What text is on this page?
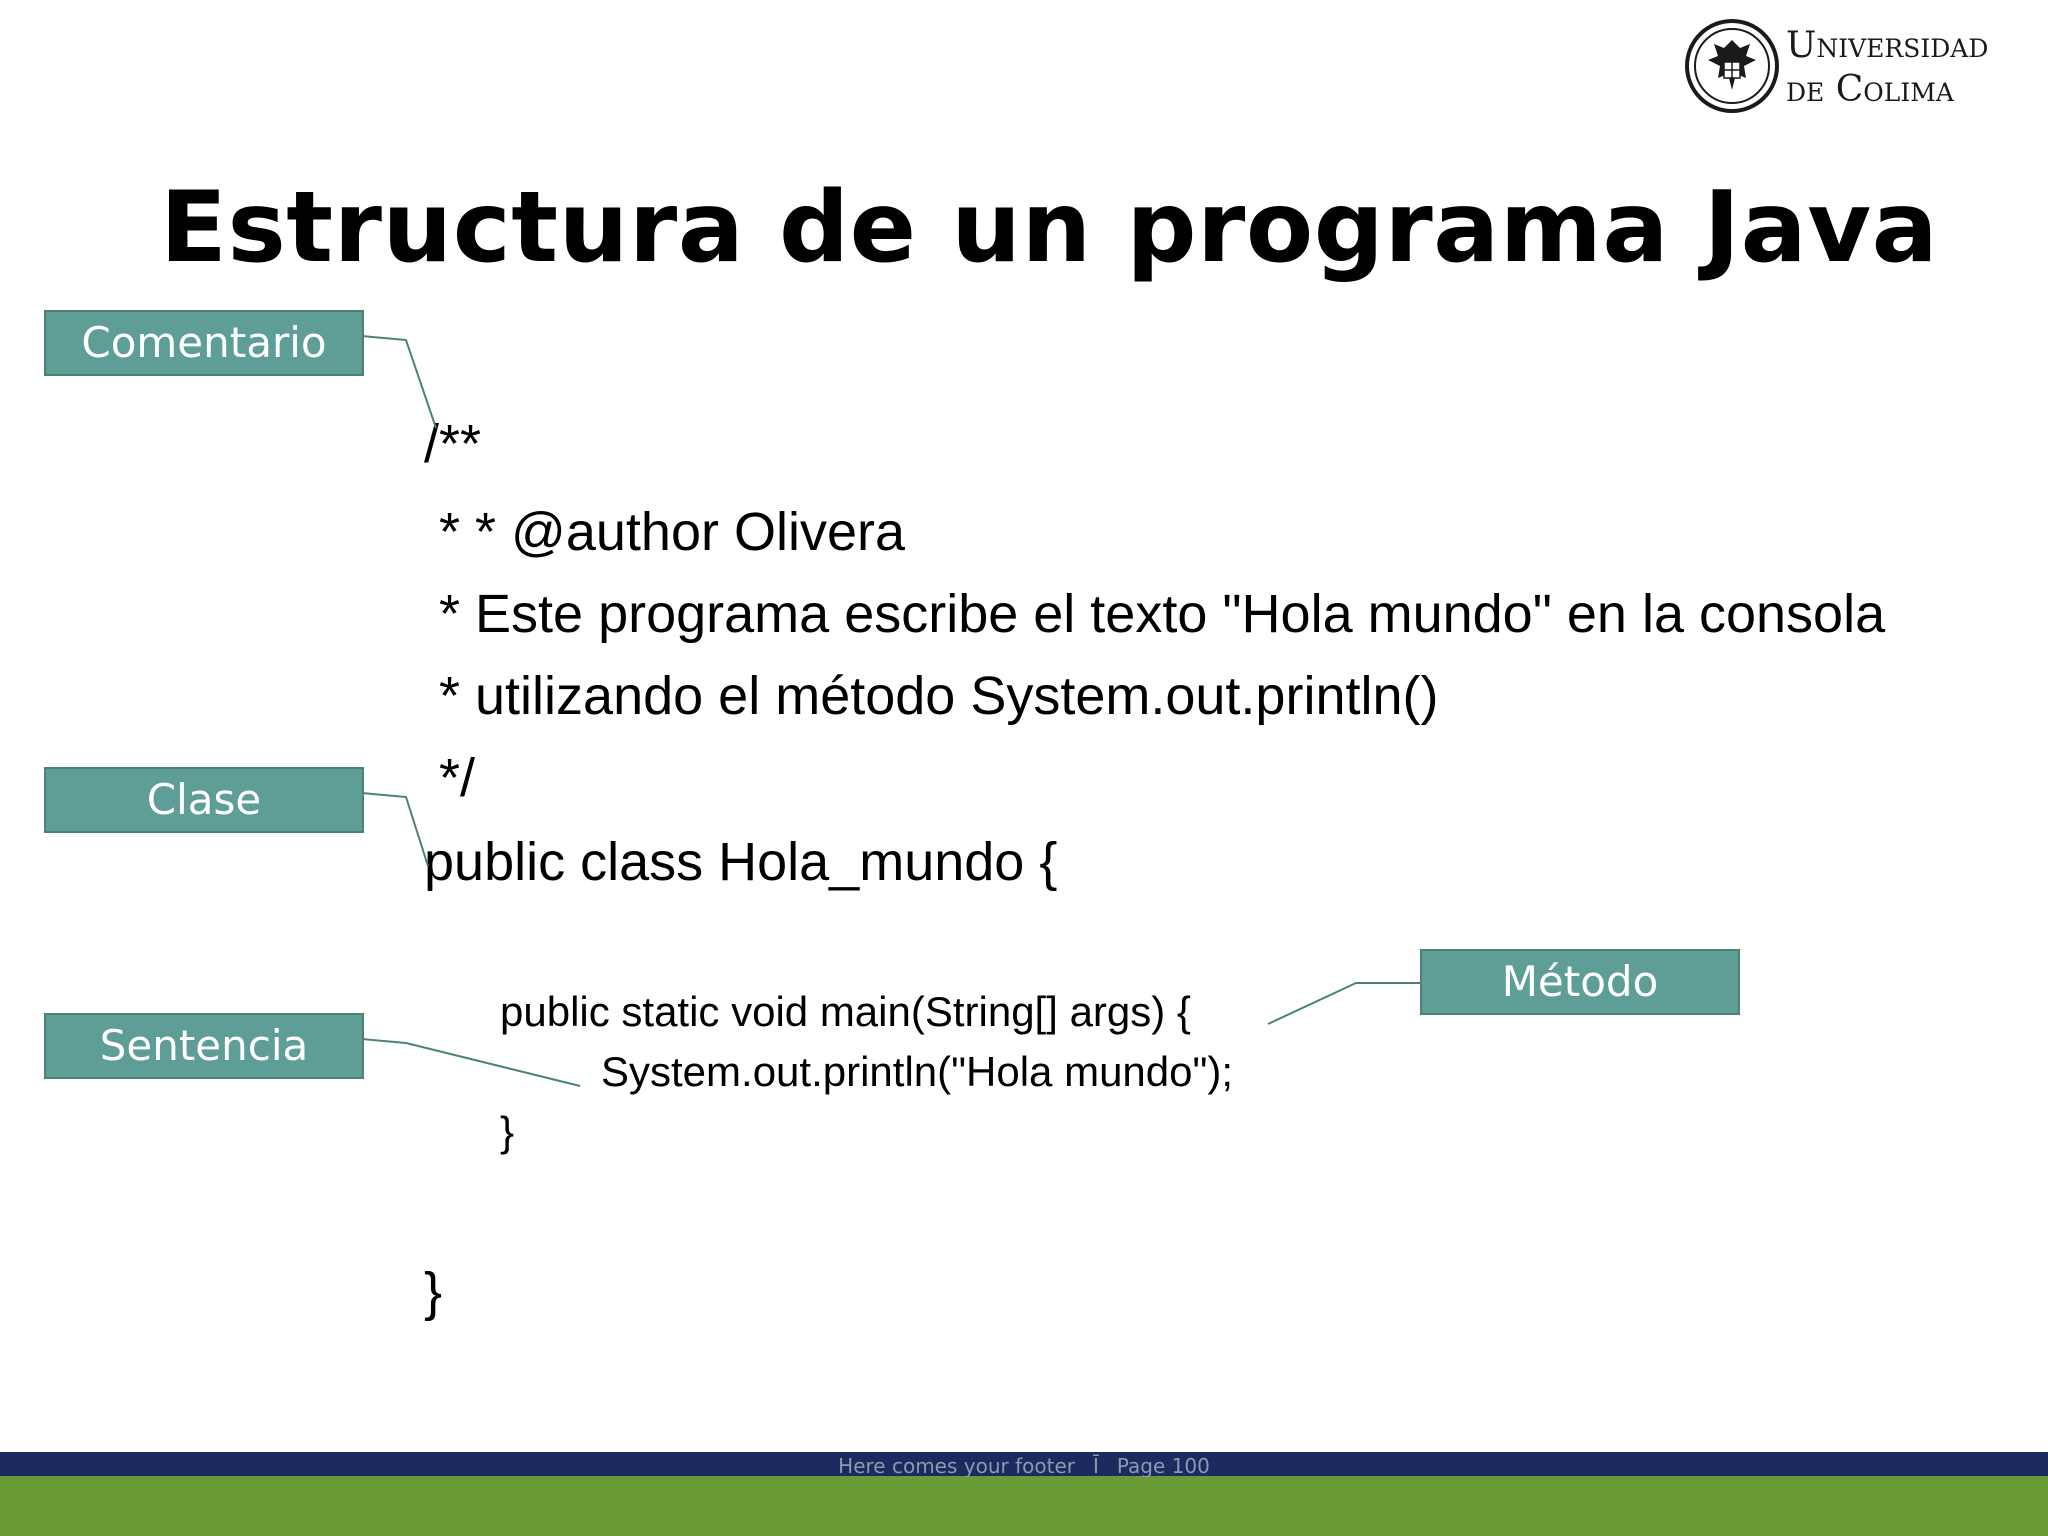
Universidad
de Colima
Estructura de un programa Java

/**

* * @author Olivera

* Este programa escribe el texto "Hola mundo" en la consola

* utilizando el método System.out.println()

*/

public class Hola_mundo {

public static void main(String[] args) {

System.out.println("Hola mundo");

}

}

Comentario
Clase
Sentencia
Método
Here comes your footer Ī Page 100
